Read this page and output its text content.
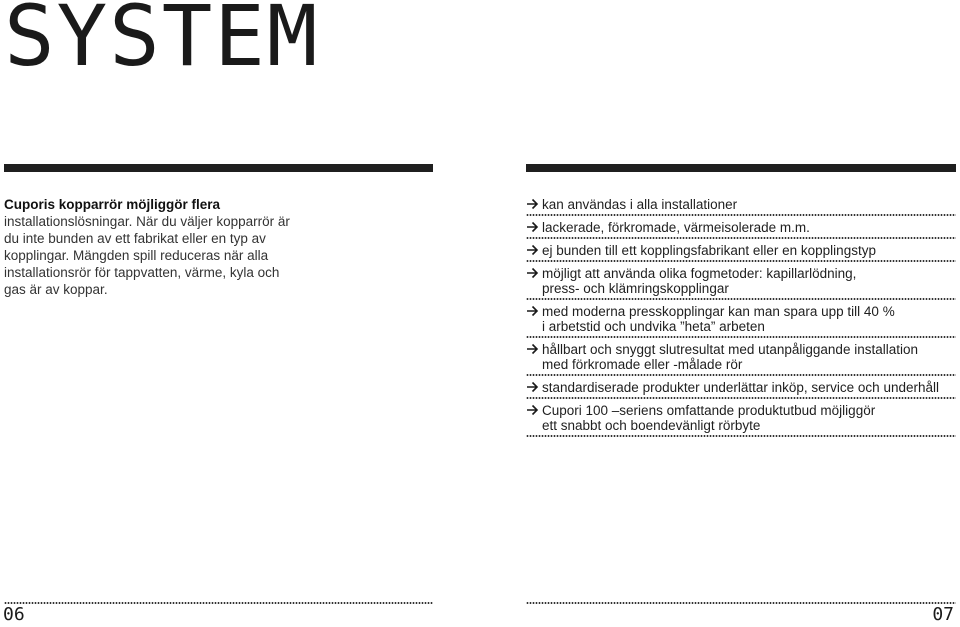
SYSTEM
Cuporis kopparrör möjliggör flera installationslösningar. När du väljer kopparrör är du inte bunden av ett fabrikat eller en typ av kopplingar. Mängden spill reduceras när alla installationsrör för tappvatten, värme, kyla och gas är av koppar.
kan användas i alla installationer
lackerade, förkromade, värmeisolerade m.m.
ej bunden till ett kopplingsfabrikant eller en kopplingstyp
möjligt att använda olika fogmetoder: kapillarlödning,
press- och klämringskopplingar
med moderna presskopplingar kan man spara upp till 40 %
i arbetstid och undvika ”heta” arbeten
hållbart och snyggt slutresultat med utanpåliggande installation
med förkromade eller -målade rör
standardiserade produkter underlättar inköp, service och underhåll
Cupori 100 –seriens omfattande produktutbud möjliggör
ett snabbt och boendevänligt rörbyte
06	07
